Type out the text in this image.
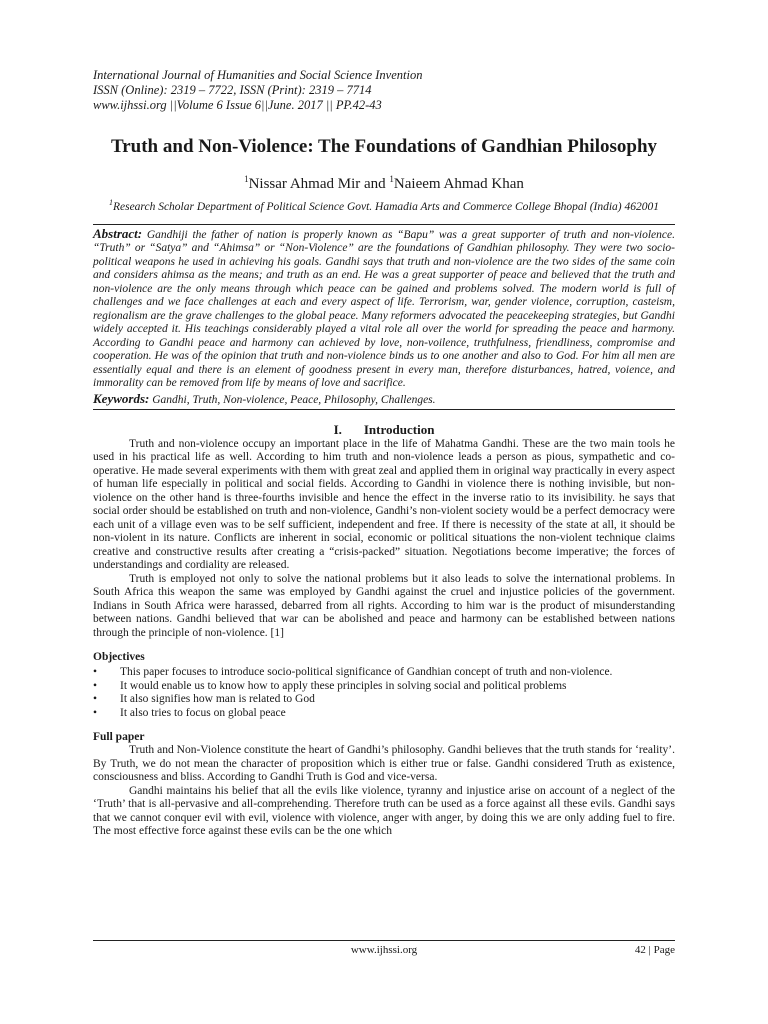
International Journal of Humanities and Social Science Invention
ISSN (Online): 2319 – 7722, ISSN (Print): 2319 – 7714
www.ijhssi.org ||Volume 6 Issue 6||June. 2017 || PP.42-43
Truth and Non-Violence: The Foundations of Gandhian Philosophy
$^1$Nissar Ahmad Mir and $^1$Naieem Ahmad Khan
$^1$Research Scholar Department of Political Science Govt. Hamadia Arts and Commerce College Bhopal (India) 462001

Abstract: Gandhiji the father of nation is properly known as “Bapu” was a great supporter of truth and non-violence. “Truth” or “Satya” and “Ahimsa” or “Non-Violence” are the foundations of Gandhian philosophy. They were two socio-political weapons he used in achieving his goals. Gandhi says that truth and non-violence are the two sides of the same coin and considers ahimsa as the means; and truth as an end. He was a great supporter of peace and believed that the truth and non-violence are the only means through which peace can be gained and problems solved. The modern world is full of challenges and we face challenges at each and every aspect of life. Terrorism, war, gender violence, corruption, casteism, regionalism are the grave challenges to the global peace. Many reformers advocated the peacekeeping strategies, but Gandhi widely accepted it. His teachings considerably played a vital role all over the world for spreading the peace and harmony. According to Gandhi peace and harmony can achieved by love, non-voilence, truthfulness, friendliness, compromise and cooperation. He was of the opinion that truth and non-violence binds us to one another and also to God. For him all men are essentially equal and there is an element of goodness present in every man, therefore disturbances, hatred, voience, and immorality can be removed from life by means of love and sacrifice.

Keywords: Gandhi, Truth, Non-violence, Peace, Philosophy, Challenges.

I. Introduction

Truth and non-violence occupy an important place in the life of Mahatma Gandhi. These are the two main tools he used in his practical life as well. According to him truth and non-violence leads a person as pious, sympathetic and co-operative. He made several experiments with them with great zeal and applied them in original way practically in every aspect of human life especially in political and social fields. According to Gandhi in violence there is nothing invisible, but non-violence on the other hand is three-fourths invisible and hence the effect in the inverse ratio to its invisibility. he says that social order should be established on truth and non-violence, Gandhi’s non-violent society would be a perfect democracy were each unit of a village even was to be self sufficient, independent and free. If there is necessity of the state at all, it should be non-violent in its nature. Conflicts are inherent in social, economic or political situations the non-violent technique claims creative and constructive results after creating a “crisis-packed” situation. Negotiations become imperative; the forces of understandings and cordiality are released.

Truth is employed not only to solve the national problems but it also leads to solve the international problems. In South Africa this weapon the same was employed by Gandhi against the cruel and injustice policies of the government. Indians in South Africa were harassed, debarred from all rights. According to him war is the product of misunderstanding between nations. Gandhi believed that war can be abolished and peace and harmony can be established between nations through the principle of non-violence. [1]

Objectives
• This paper focuses to introduce socio-political significance of Gandhian concept of truth and non-violence.
• It would enable us to know how to apply these principles in solving social and political problems
• It also signifies how man is related to God
• It also tries to focus on global peace
Full paper

Truth and Non-Violence constitute the heart of Gandhi’s philosophy. Gandhi believes that the truth stands for ‘reality’. By Truth, we do not mean the character of proposition which is either true or false. Gandhi considered Truth as existence, consciousness and bliss. According to Gandhi Truth is God and vice-versa.

Gandhi maintains his belief that all the evils like violence, tyranny and injustice arise on account of a neglect of the ‘Truth’ that is all-pervasive and all-comprehending. Therefore truth can be used as a force against all these evils. Gandhi says that we cannot conquer evil with evil, violence with violence, anger with anger, by doing this we are only adding fuel to fire. The most effective force against these evils can be the one which

www.ijhssi.org	42 | Page
